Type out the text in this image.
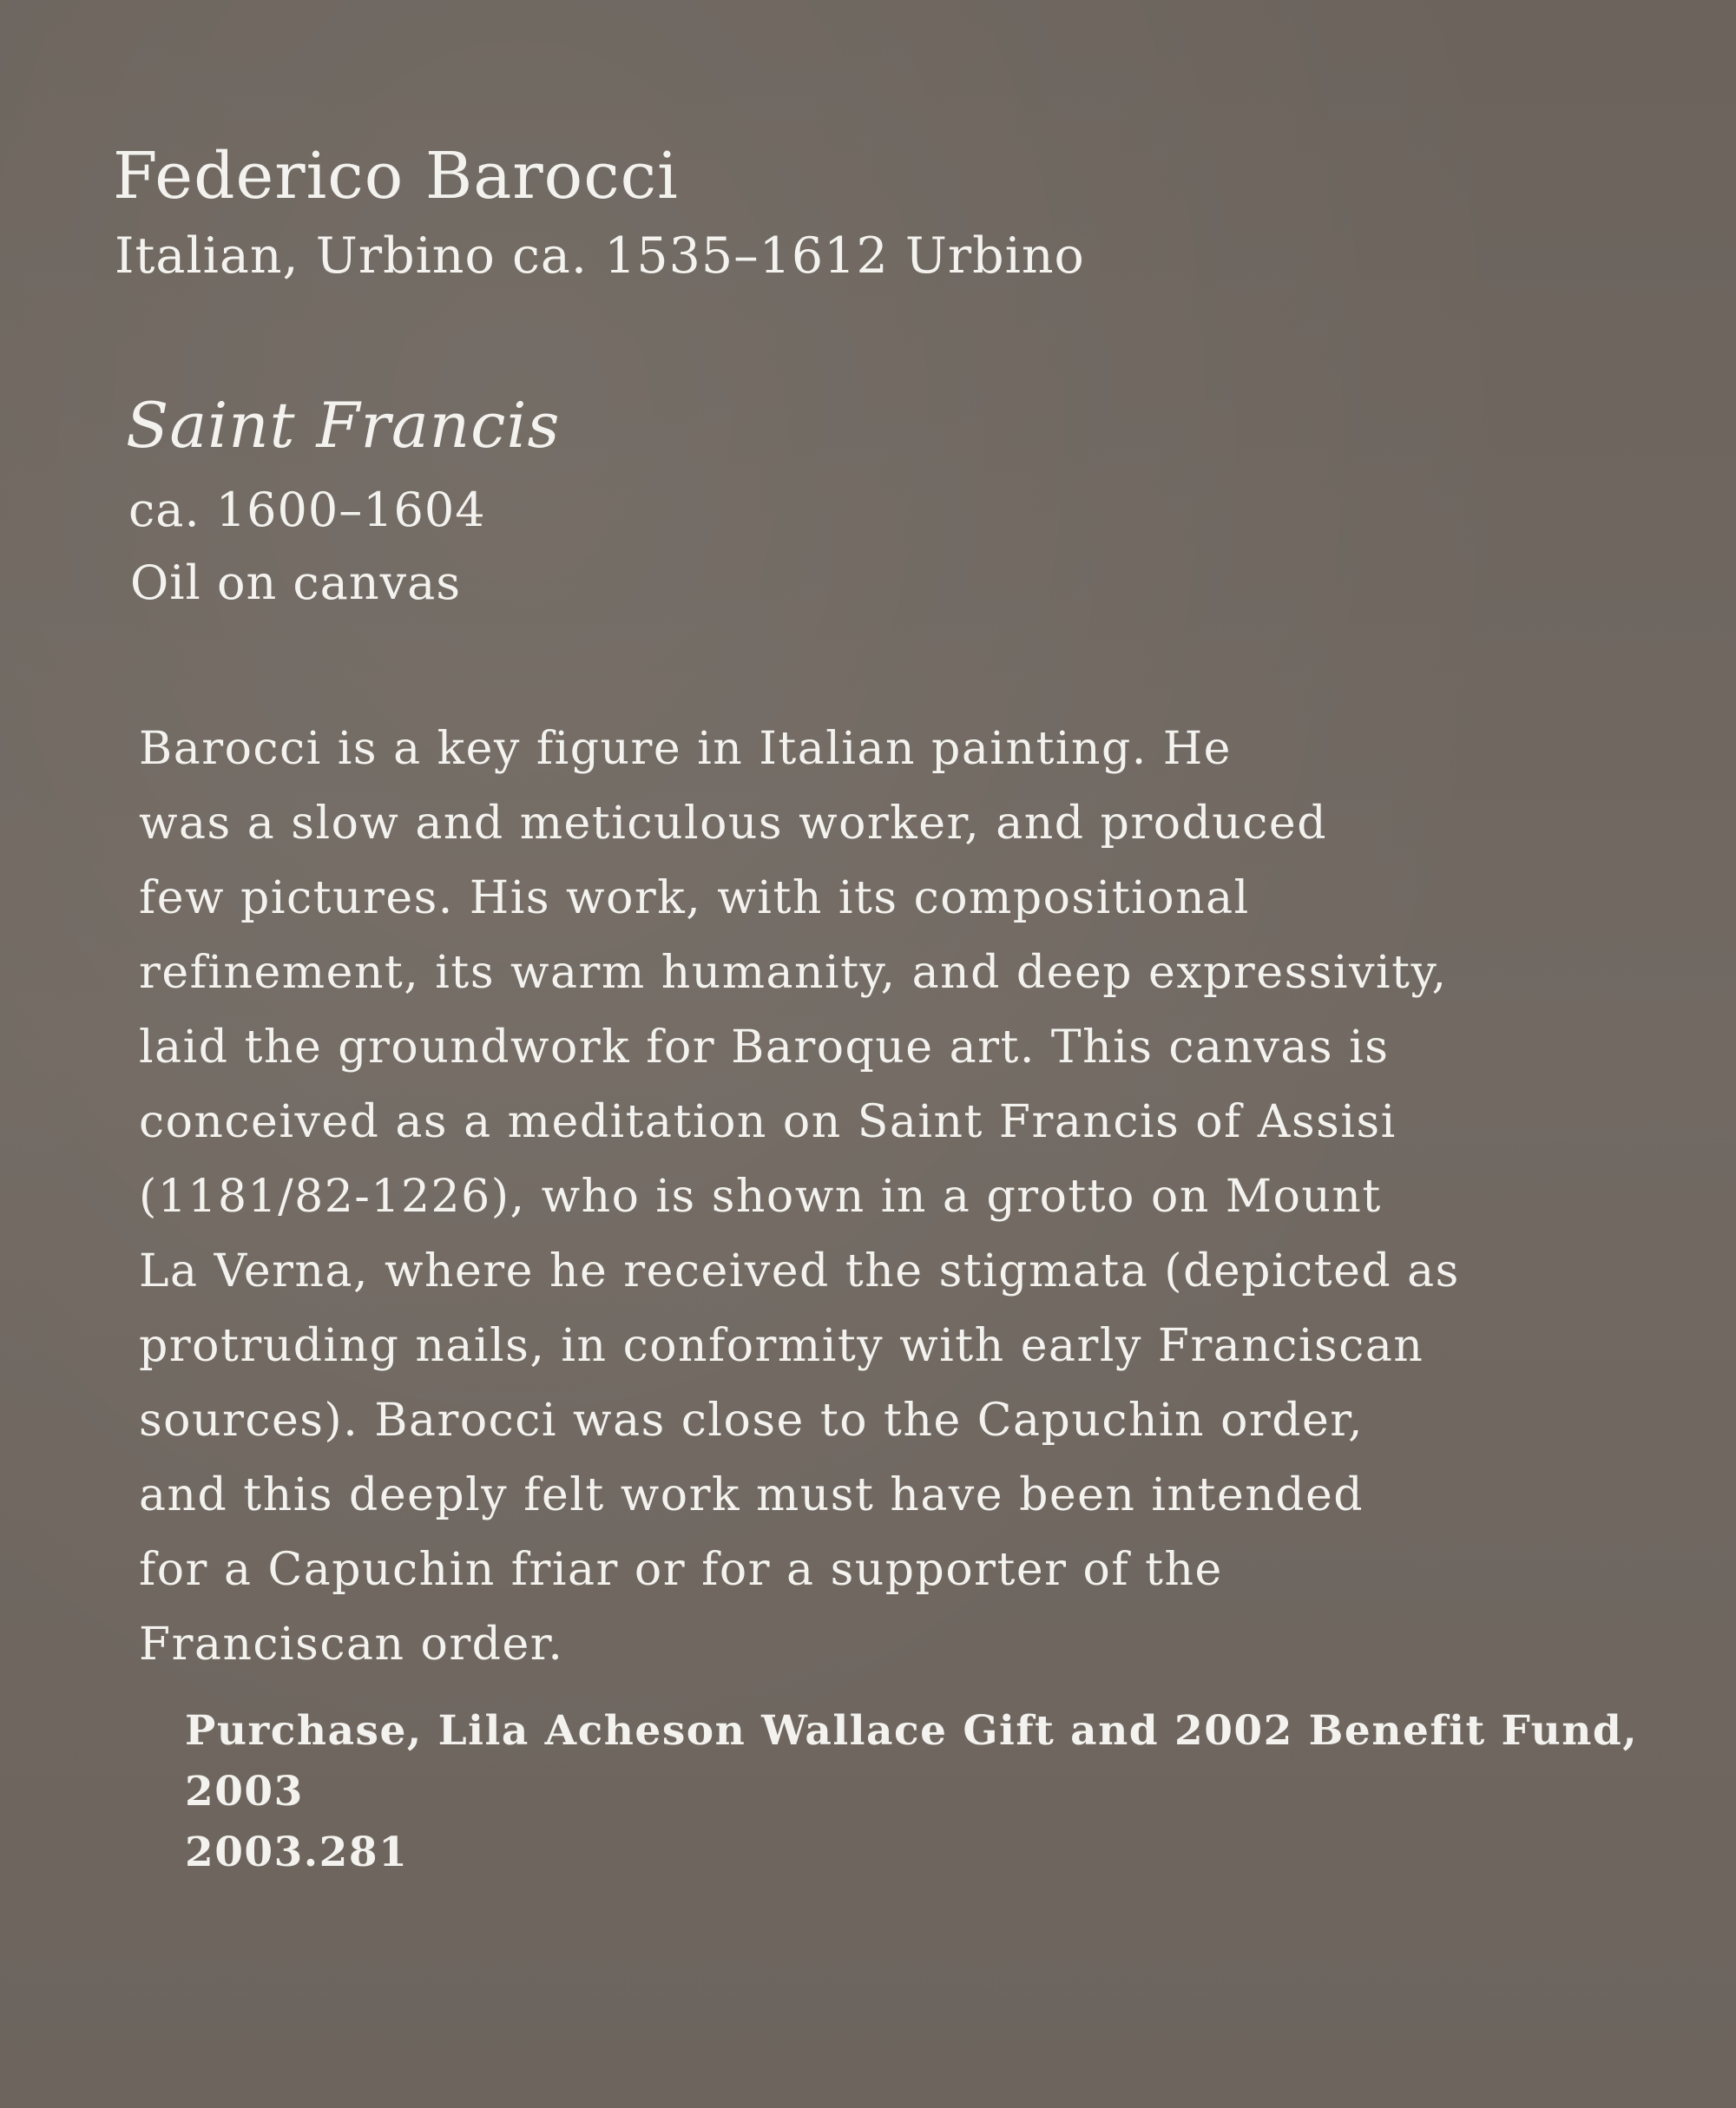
Federico Barocci
Italian, Urbino ca. 1535–1612 Urbino
Saint Francis
ca. 1600–1604
Oil on canvas
Barocci is a key figure in Italian painting. He
was a slow and meticulous worker, and produced
few pictures. His work, with its compositional
refinement, its warm humanity, and deep expressivity,
laid the groundwork for Baroque art. This canvas is
conceived as a meditation on Saint Francis of Assisi
(1181/82-1226), who is shown in a grotto on Mount
La Verna, where he received the stigmata (depicted as
protruding nails, in conformity with early Franciscan
sources). Barocci was close to the Capuchin order,
and this deeply felt work must have been intended
for a Capuchin friar or for a supporter of the
Franciscan order.
Purchase, Lila Acheson Wallace Gift and 2002 Benefit Fund,
2003
2003.281
